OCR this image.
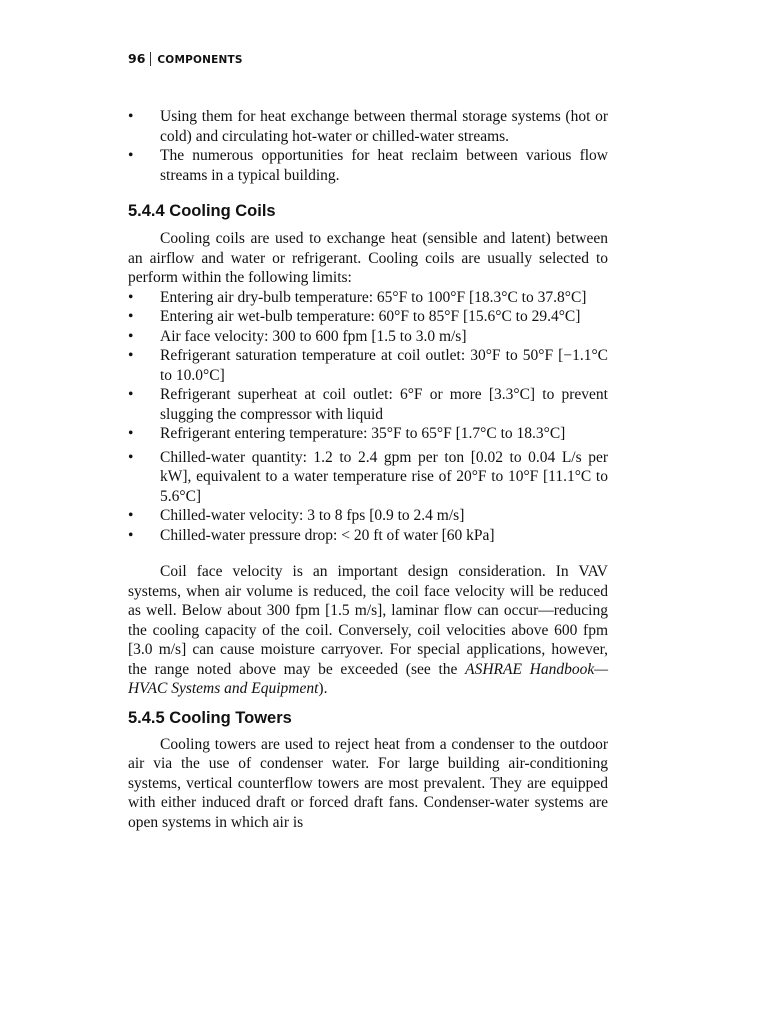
96 COMPONENTS
• Using them for heat exchange between thermal storage systems (hot or cold) and circulating hot-water or chilled-water streams.
• The numerous opportunities for heat reclaim between various flow streams in a typical building.
5.4.4 Cooling Coils

Cooling coils are used to exchange heat (sensible and latent) between an airflow and water or refrigerant. Cooling coils are usually selected to perform within the following limits:

• Entering air dry-bulb temperature: 65°F to 100°F [18.3°C to 37.8°C]
• Entering air wet-bulb temperature: 60°F to 85°F [15.6°C to 29.4°C]
• Air face velocity: 300 to 600 fpm [1.5 to 3.0 m/s]
• Refrigerant saturation temperature at coil outlet: 30°F to 50°F [−1.1°C to 10.0°C]
• Refrigerant superheat at coil outlet: 6°F or more [3.3°C] to prevent slugging the compressor with liquid
• Refrigerant entering temperature: 35°F to 65°F [1.7°C to 18.3°C]
• Chilled-water quantity: 1.2 to 2.4 gpm per ton [0.02 to 0.04 L/s per kW], equivalent to a water temperature rise of 20°F to 10°F [11.1°C to 5.6°C]
• Chilled-water velocity: 3 to 8 fps [0.9 to 2.4 m/s]
• Chilled-water pressure drop: < 20 ft of water [60 kPa]

Coil face velocity is an important design consideration. In VAV systems, when air volume is reduced, the coil face velocity will be reduced as well. Below about 300 fpm [1.5 m/s], laminar flow can occur—reducing the cooling capacity of the coil. Conversely, coil velocities above 600 fpm [3.0 m/s] can cause moisture carryover. For special applications, however, the range noted above may be exceeded (see the ASHRAE Handbook—HVAC Systems and Equipment).

5.4.5 Cooling Towers

Cooling towers are used to reject heat from a condenser to the outdoor air via the use of condenser water. For large building air-conditioning systems, vertical counterflow towers are most prevalent. They are equipped with either induced draft or forced draft fans. Condenser-water systems are open systems in which air is
